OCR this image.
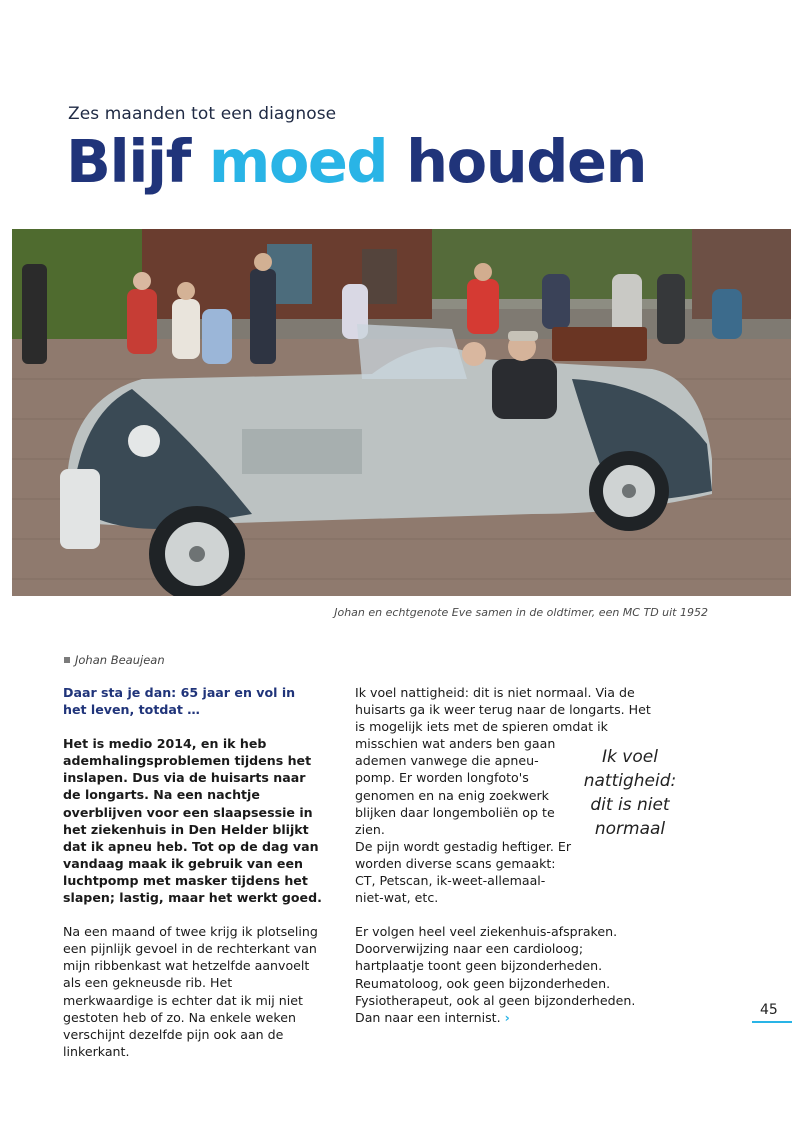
Zes maanden tot een diagnose
Blijf moed houden
Johan en echtgenote Eve samen in de oldtimer, een MC TD uit 1952
Johan Beaujean

Daar sta je dan: 65 jaar en vol in het leven, totdat …

Het is medio 2014, en ik heb ademhalingsproblemen tijdens het inslapen. Dus via de huisarts naar de longarts. Na een nachtje overblijven voor een slaapsessie in het ziekenhuis in Den Helder blijkt dat ik apneu heb. Tot op de dag van vandaag maak ik gebruik van een luchtpomp met masker tijdens het slapen; lastig, maar het werkt goed.

Na een maand of twee krijg ik plotseling een pijnlijk gevoel in de rechterkant van mijn ribbenkast wat hetzelfde aanvoelt als een gekneusde rib. Het merkwaardige is echter dat ik mij niet gestoten heb of zo. Na enkele weken verschijnt dezelfde pijn ook aan de linkerkant.

Ik voel nattigheid: dit is niet normaal. Via de huisarts ga ik weer terug naar de longarts. Het is mogelijk iets met de spieren omdat ik

misschien wat anders ben gaan ademen vanwege die apneu-pomp. Er worden longfoto's genomen en na enig zoekwerk blijken daar longemboliën op te zien.

De pijn wordt gestadig heftiger. Er worden diverse scans gemaakt: CT, Petscan, ik-weet-allemaal-niet-wat, etc.

Er volgen heel veel ziekenhuis-afspraken. Doorverwijzing naar een cardioloog; hartplaatje toont geen bijzonderheden. Reumatoloog, ook geen bijzonderheden. Fysiotherapeut, ook al geen bijzonderheden. Dan naar een internist. ›

Ik voel nattigheid: dit is niet normaal
45
